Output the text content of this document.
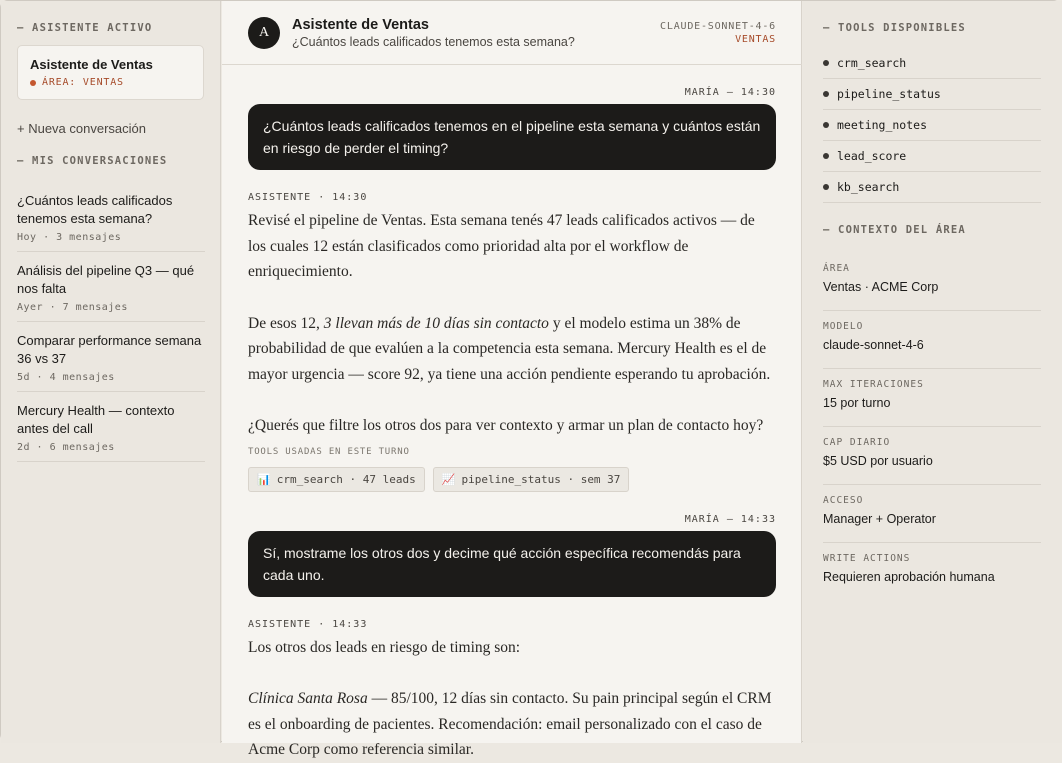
— ASISTENTE ACTIVO
Asistente de Ventas
ÁREA: VENTAS
+ Nueva conversación
— MIS CONVERSACIONES
¿Cuántos leads calificados tenemos esta semana?
Hoy · 3 mensajes
Análisis del pipeline Q3 — qué nos falta
Ayer · 7 mensajes
Comparar performance semana 36 vs 37
5d · 4 mensajes
Mercury Health — contexto antes del call
2d · 6 mensajes
A	Asistente de Ventas
¿Cuántos leads calificados tenemos esta semana?
CLAUDE-SONNET-4-6
VENTAS
MARÍA — 14:30
¿Cuántos leads calificados tenemos en el pipeline esta semana y cuántos están en riesgo de perder el timing?
ASISTENTE · 14:30

Revisé el pipeline de Ventas. Esta semana tenés 47 leads calificados activos — de los cuales 12 están clasificados como prioridad alta por el workflow de enriquecimiento.

De esos 12, 3 llevan más de 10 días sin contacto y el modelo estima un 38% de probabilidad de que evalúen a la competencia esta semana. Mercury Health es el de mayor urgencia — score 92, ya tiene una acción pendiente esperando tu aprobación.

¿Querés que filtre los otros dos para ver contexto y armar un plan de contacto hoy?

TOOLS USADAS EN ESTE TURNO
📊 crm_search · 47 leads 📈 pipeline_status · sem 37
MARÍA — 14:33
Sí, mostrame los otros dos y decime qué acción específica recomendás para cada uno.
ASISTENTE · 14:33

Los otros dos leads en riesgo de timing son:

Clínica Santa Rosa — 85/100, 12 días sin contacto. Su pain principal según el CRM es el onboarding de pacientes. Recomendación: email personalizado con el caso de Acme Corp como referencia similar.

— TOOLS DISPONIBLES
crm_search
pipeline_status
meeting_notes
lead_score
kb_search
— CONTEXTO DEL ÁREA
ÁREA
Ventas · ACME Corp
MODELO
claude-sonnet-4-6
MAX ITERACIONES
15 por turno
CAP DIARIO
$5 USD por usuario
ACCESO
Manager + Operator
WRITE ACTIONS
Requieren aprobación humana
